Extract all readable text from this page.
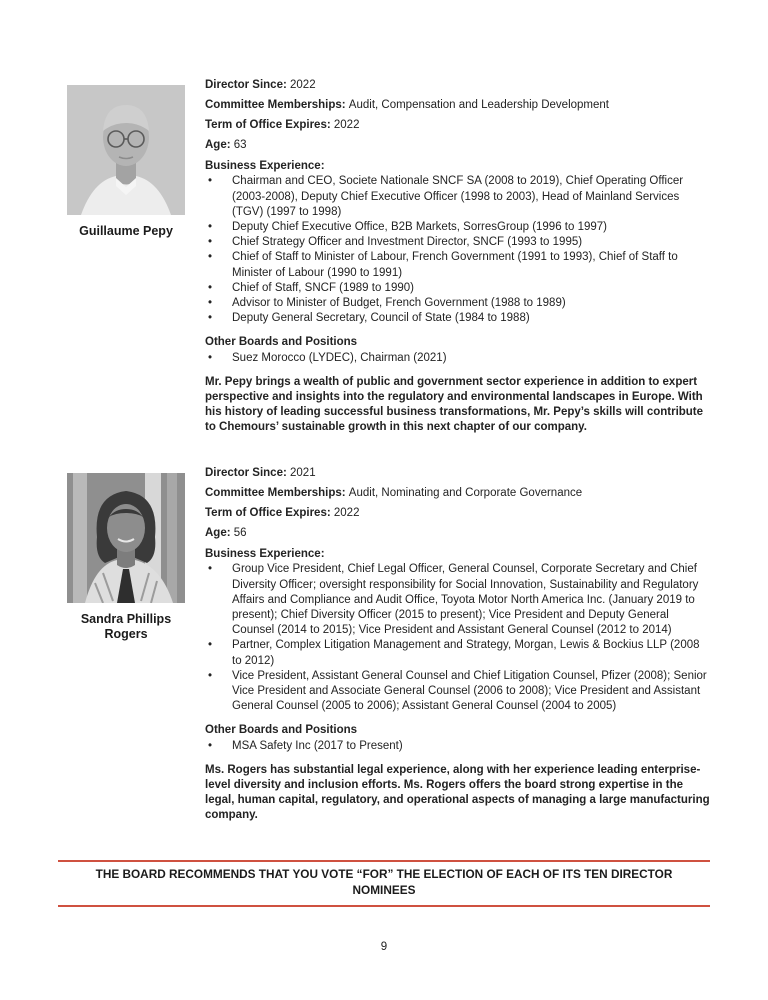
Guillaume Pepy
Director Since: 2022
Committee Memberships: Audit, Compensation and Leadership Development
Term of Office Expires: 2022
Age: 63
Business Experience:
• Chairman and CEO, Societe Nationale SNCF SA (2008 to 2019), Chief Operating Officer (2003-2008), Deputy Chief Executive Officer (1998 to 2003), Head of Mainland Services (TGV) (1997 to 1998)
• Deputy Chief Executive Office, B2B Markets, SorresGroup (1996 to 1997)
• Chief Strategy Officer and Investment Director, SNCF (1993 to 1995)
• Chief of Staff to Minister of Labour, French Government (1991 to 1993), Chief of Staff to Minister of Labour (1990 to 1991)
• Chief of Staff, SNCF (1989 to 1990)
• Advisor to Minister of Budget, French Government (1988 to 1989)
• Deputy General Secretary, Council of State (1984 to 1988)
Other Boards and Positions
• Suez Morocco (LYDEC), Chairman (2021)
Mr. Pepy brings a wealth of public and government sector experience in addition to expert perspective and insights into the regulatory and environmental landscapes in Europe. With his history of leading successful business transformations, Mr. Pepy’s skills will contribute to Chemours’ sustainable growth in this next chapter of our company.
Sandra Phillips Rogers
Director Since: 2021
Committee Memberships: Audit, Nominating and Corporate Governance
Term of Office Expires: 2022
Age: 56
Business Experience:
• Group Vice President, Chief Legal Officer, General Counsel, Corporate Secretary and Chief Diversity Officer; oversight responsibility for Social Innovation, Sustainability and Regulatory Affairs and Compliance and Audit Office, Toyota Motor North America Inc. (January 2019 to present); Chief Diversity Officer (2015 to present); Vice President and Deputy General Counsel (2014 to 2015); Vice President and Assistant General Counsel (2012 to 2014)
• Partner, Complex Litigation Management and Strategy, Morgan, Lewis & Bockius LLP (2008 to 2012)
• Vice President, Assistant General Counsel and Chief Litigation Counsel, Pfizer (2008); Senior Vice President and Associate General Counsel (2006 to 2008); Vice President and Assistant General Counsel (2005 to 2006); Assistant General Counsel (2004 to 2005)
Other Boards and Positions
• MSA Safety Inc (2017 to Present)
Ms. Rogers has substantial legal experience, along with her experience leading enterprise-level diversity and inclusion efforts. Ms. Rogers offers the board strong expertise in the legal, human capital, regulatory, and operational aspects of managing a large manufacturing company.
THE BOARD RECOMMENDS THAT YOU VOTE “FOR” THE ELECTION OF EACH OF ITS TEN DIRECTOR NOMINEES
9
